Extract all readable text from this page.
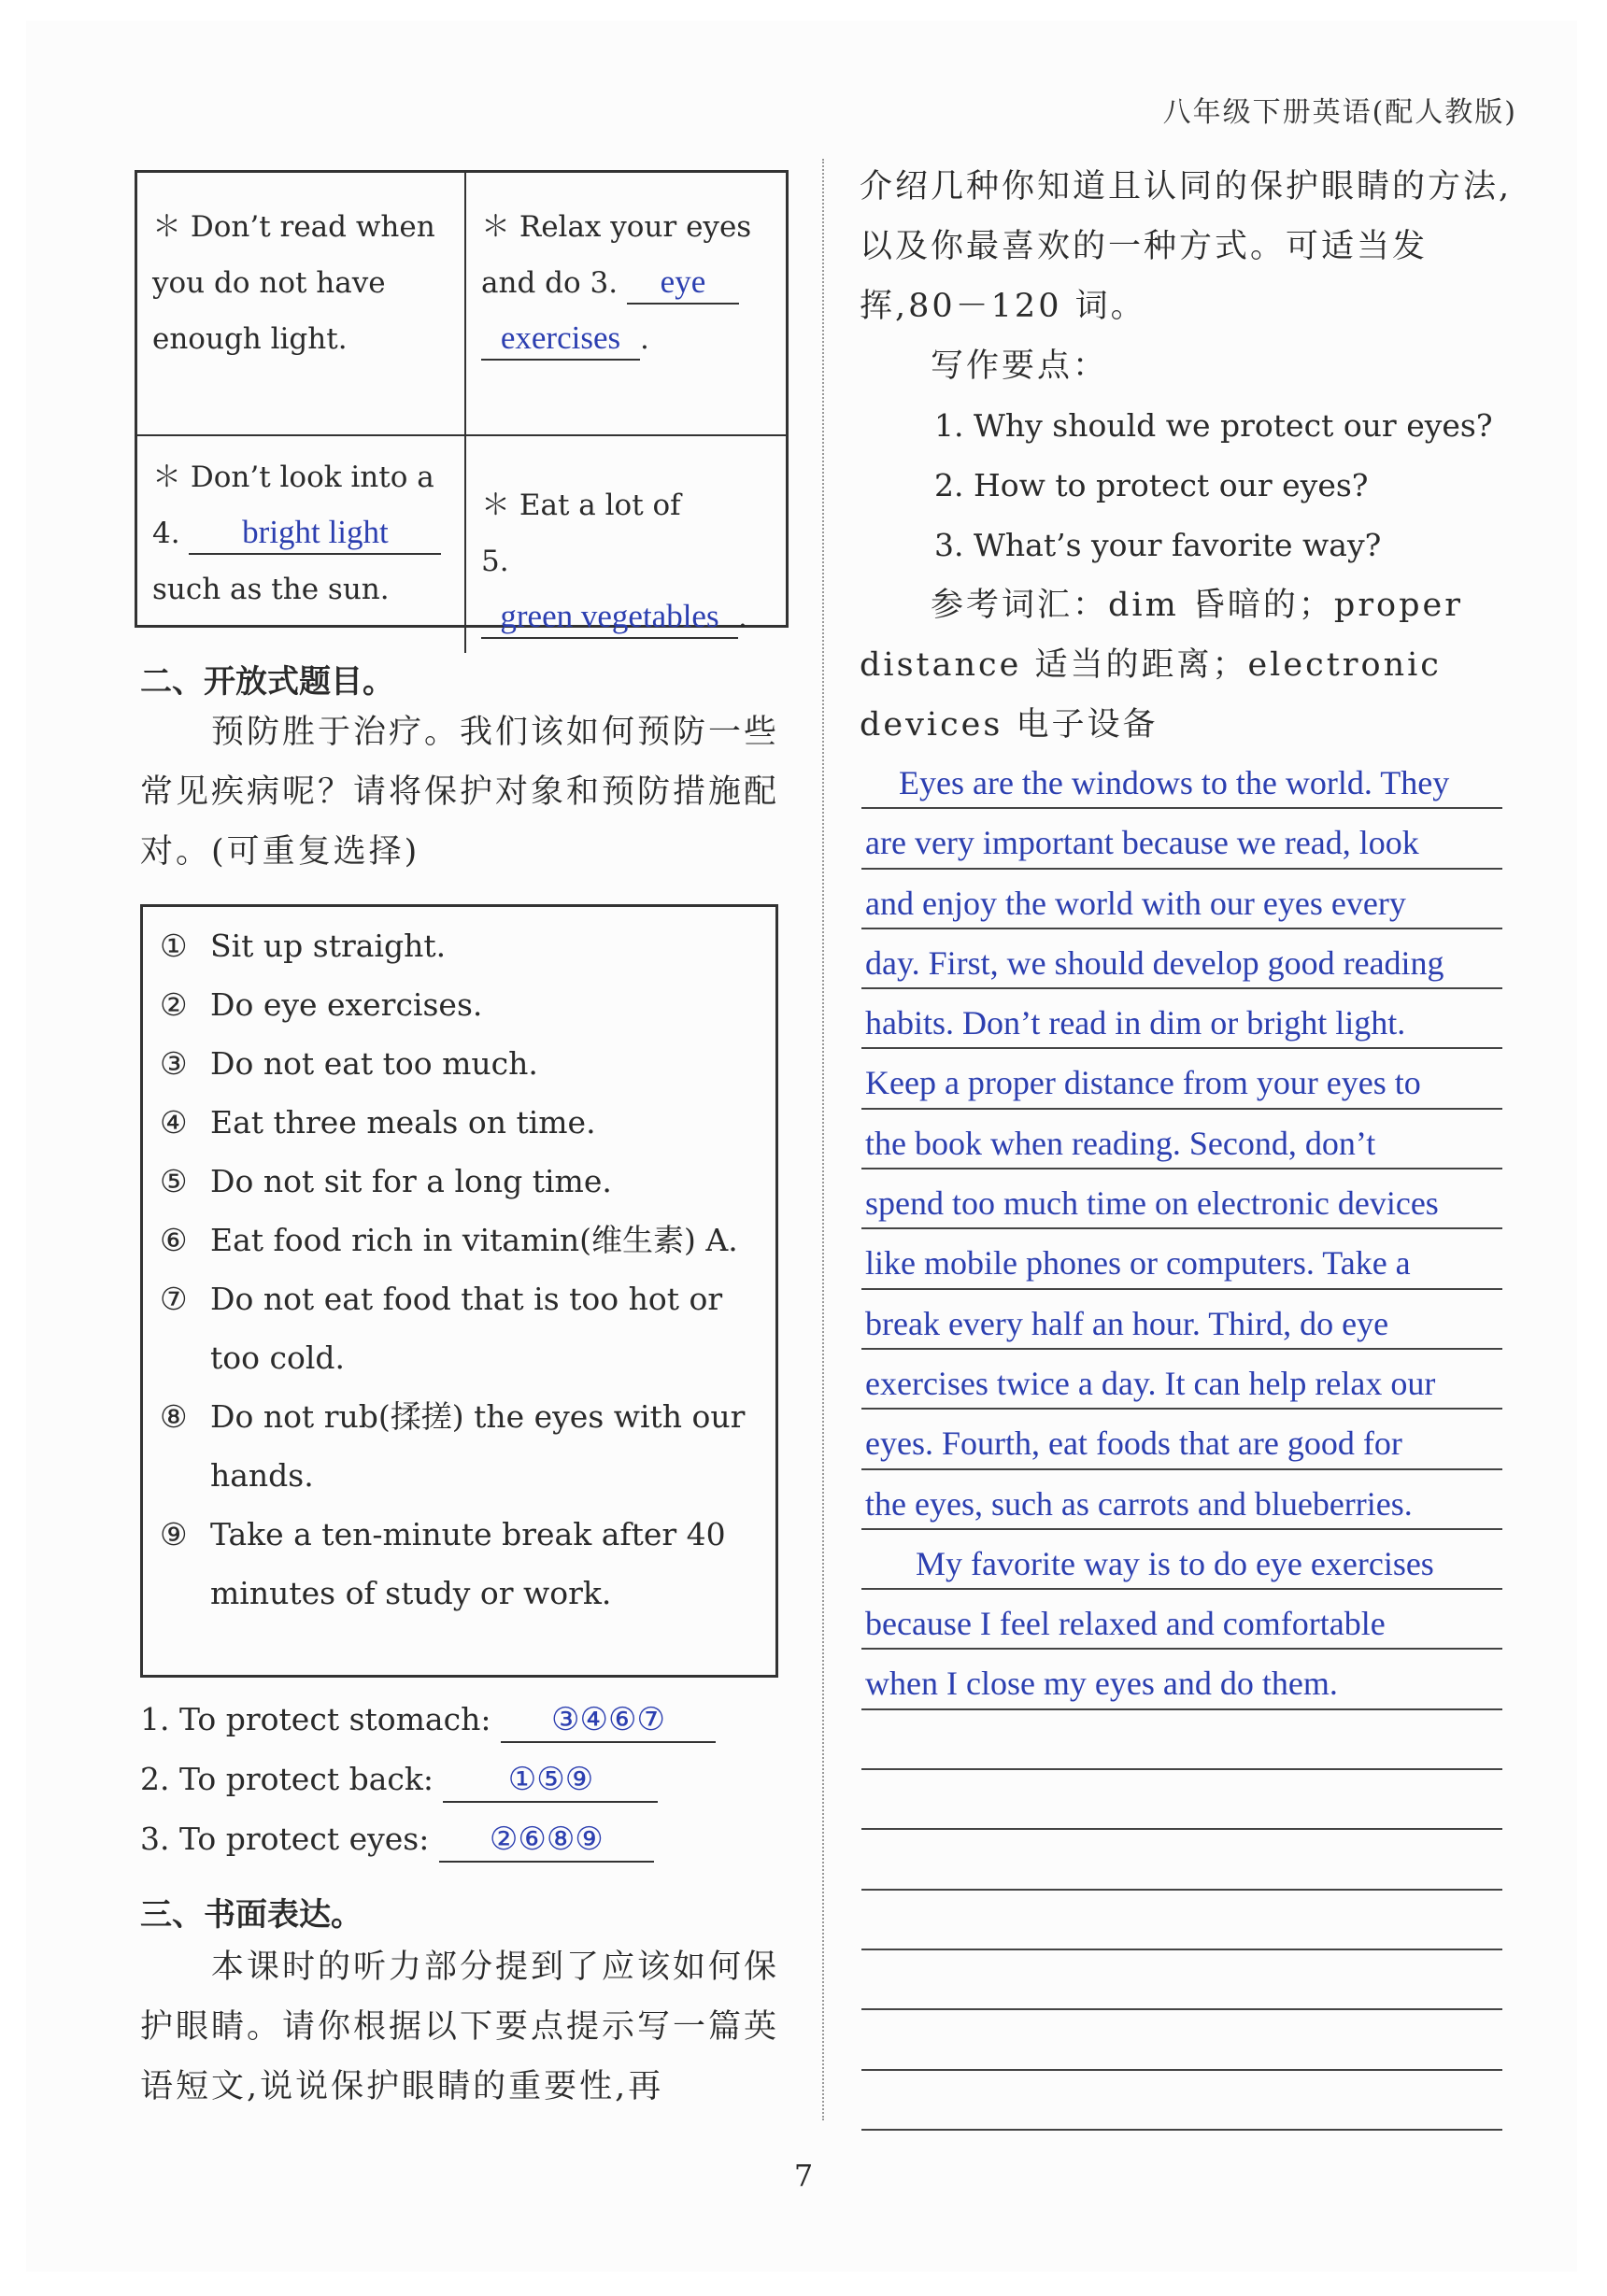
八年级下册英语(配人教版)
＊ Don’t read when you do not have enough light.
＊ Relax your eyes and do 3. eye
exercises .
＊ Don’t look into a
4. bright light
such as the sun.
＊ Eat a lot of
5. green vegetables .
二、开放式题目。
预防胜于治疗。我们该如何预防一些常见疾病呢？请将保护对象和预防措施配对。(可重复选择)
① Sit up straight.
② Do eye exercises.
③ Do not eat too much.
④ Eat three meals on time.
⑤ Do not sit for a long time.
⑥ Eat food rich in vitamin(维生素) A.
⑦ Do not eat food that is too hot or too cold.
⑧ Do not rub(揉搓) the eyes with our hands.
⑨ Take a ten-minute break after 40 minutes of study or work.
1. To protect stomach: ③④⑥⑦
2. To protect back: ①⑤⑨
3. To protect eyes: ②⑥⑧⑨
三、书面表达。
本课时的听力部分提到了应该如何保护眼睛。请你根据以下要点提示写一篇英语短文,说说保护眼睛的重要性,再
介绍几种你知道且认同的保护眼睛的方法,以及你最喜欢的一种方式。可适当发挥,80－120 词。
写作要点：
1. Why should we protect our eyes?
2. How to protect our eyes?
3. What’s your favorite way?
参考词汇：dim 昏暗的；proper distance 适当的距离；electronic devices 电子设备
Eyes are the windows to the world. They
are very important because we read, look
and enjoy the world with our eyes every
day. First, we should develop good reading
habits. Don’t read in dim or bright light.
Keep a proper distance from your eyes to
the book when reading. Second, don’t
spend too much time on electronic devices
like mobile phones or computers. Take a
break every half an hour. Third, do eye
exercises twice a day. It can help relax our
eyes. Fourth, eat foods that are good for
the eyes, such as carrots and blueberries.
My favorite way is to do eye exercises
because I feel relaxed and comfortable
when I close my eyes and do them.
7
